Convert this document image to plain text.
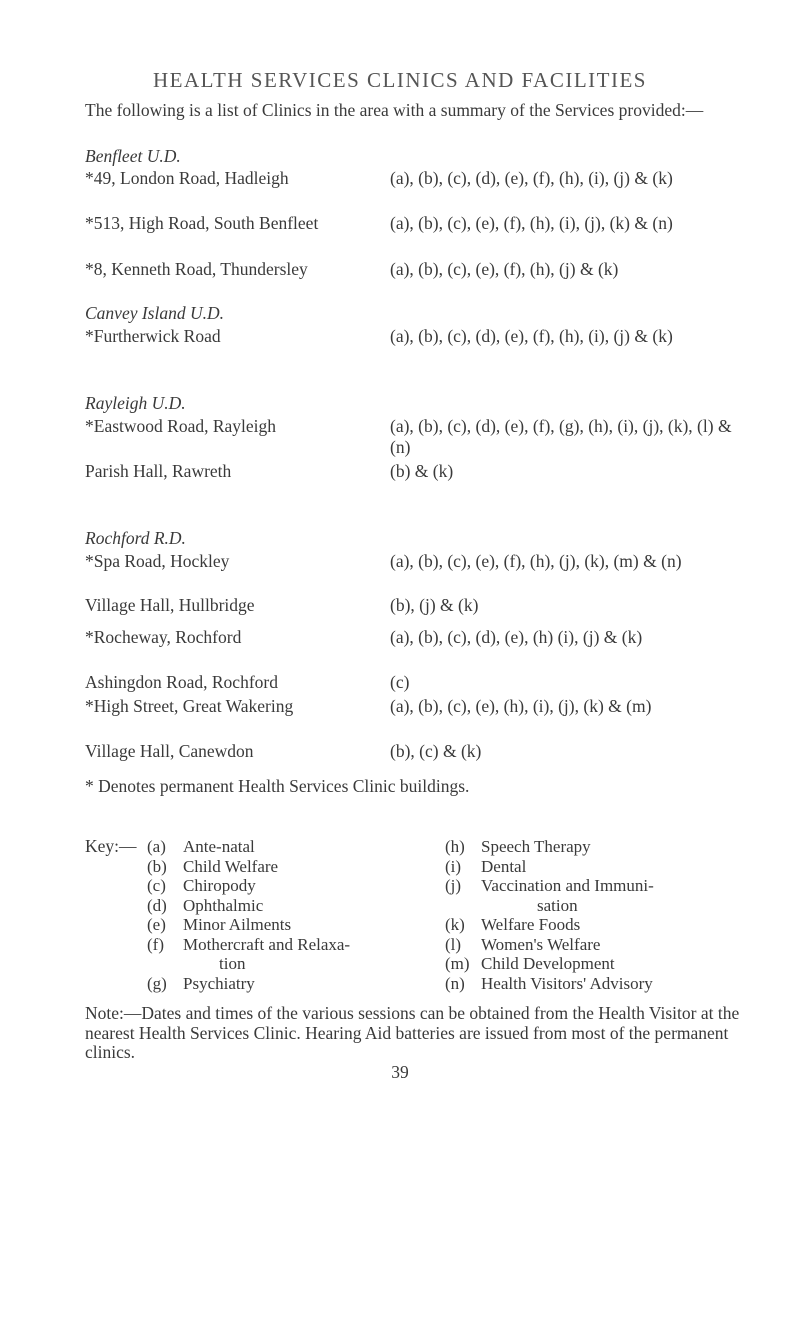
HEALTH SERVICES CLINICS AND FACILITIES
The following is a list of Clinics in the area with a summary of the Services provided:—
Benfleet U.D.
*49, London Road, Hadleigh	(a), (b), (c), (d), (e), (f), (h), (i), (j) & (k)
*513, High Road, South Benfleet	(a), (b), (c), (e), (f), (h), (i), (j), (k) & (n)
*8, Kenneth Road, Thundersley	(a), (b), (c), (e), (f), (h), (j) & (k)
Canvey Island U.D.
*Furtherwick Road	(a), (b), (c), (d), (e), (f), (h), (i), (j) & (k)
Rayleigh U.D.
*Eastwood Road, Rayleigh	(a), (b), (c), (d), (e), (f), (g), (h), (i), (j), (k), (l) & (n)
Parish Hall, Rawreth	(b) & (k)
Rochford R.D.
*Spa Road, Hockley	(a), (b), (c), (e), (f), (h), (j), (k), (m) & (n)
Village Hall, Hullbridge	(b), (j) & (k)
*Rocheway, Rochford	(a), (b), (c), (d), (e), (h) (i), (j) & (k)
Ashingdon Road, Rochford	(c)
*High Street, Great Wakering	(a), (b), (c), (e), (h), (i), (j), (k) & (m)
Village Hall, Canewdon	(b), (c) & (k)
* Denotes permanent Health Services Clinic buildings.
Key:— (a) Ante-natal
(b) Child Welfare
(c) Chiropody
(d) Ophthalmic
(e) Minor Ailments
(f) Mothercraft and Relaxa-
tion
(g) Psychiatry
(h) Speech Therapy
(i) Dental
(j) Vaccination and Immuni-
sation
(k) Welfare Foods
(l) Women's Welfare
(m) Child Development
(n) Health Visitors' Advisory
Note:—Dates and times of the various sessions can be obtained from the Health Visitor at the nearest Health Services Clinic. Hearing Aid batteries are issued from most of the permanent clinics.
39
